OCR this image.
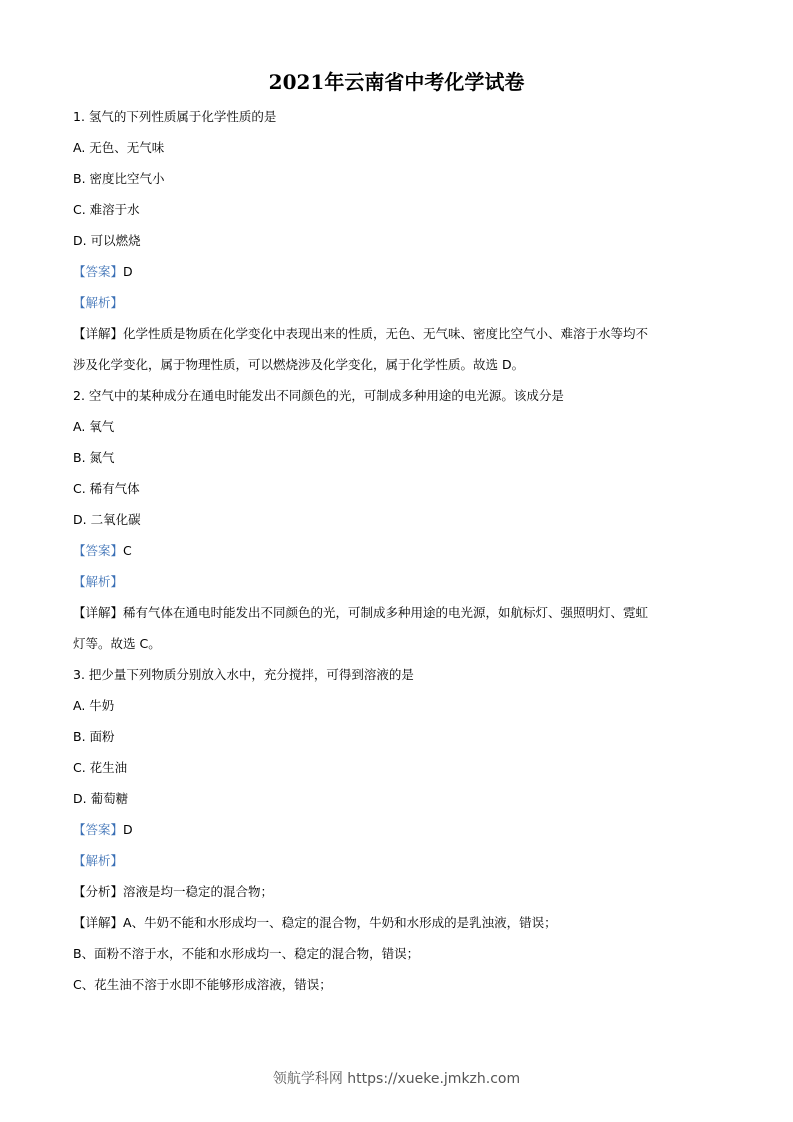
2021年云南省中考化学试卷
1. 氢气的下列性质属于化学性质的是
A. 无色、无气味
B. 密度比空气小
C. 难溶于水
D. 可以燃烧
【答案】D
【解析】
【详解】化学性质是物质在化学变化中表现出来的性质，无色、无气味、密度比空气小、难溶于水等均不
涉及化学变化，属于物理性质，可以燃烧涉及化学变化，属于化学性质。故选 D。
2. 空气中的某种成分在通电时能发出不同颜色的光，可制成多种用途的电光源。该成分是
A. 氧气
B. 氮气
C. 稀有气体
D. 二氧化碳
【答案】C
【解析】
【详解】稀有气体在通电时能发出不同颜色的光，可制成多种用途的电光源，如航标灯、强照明灯、霓虹
灯等。故选 C。
3. 把少量下列物质分别放入水中，充分搅拌，可得到溶液的是
A. 牛奶
B. 面粉
C. 花生油
D. 葡萄糖
【答案】D
【解析】
【分析】溶液是均一稳定的混合物；
【详解】A、牛奶不能和水形成均一、稳定的混合物，牛奶和水形成的是乳浊液，错误；
B、面粉不溶于水，不能和水形成均一、稳定的混合物，错误；
C、花生油不溶于水即不能够形成溶液，错误；
领航学科网 https://xueke.jmkzh.com
